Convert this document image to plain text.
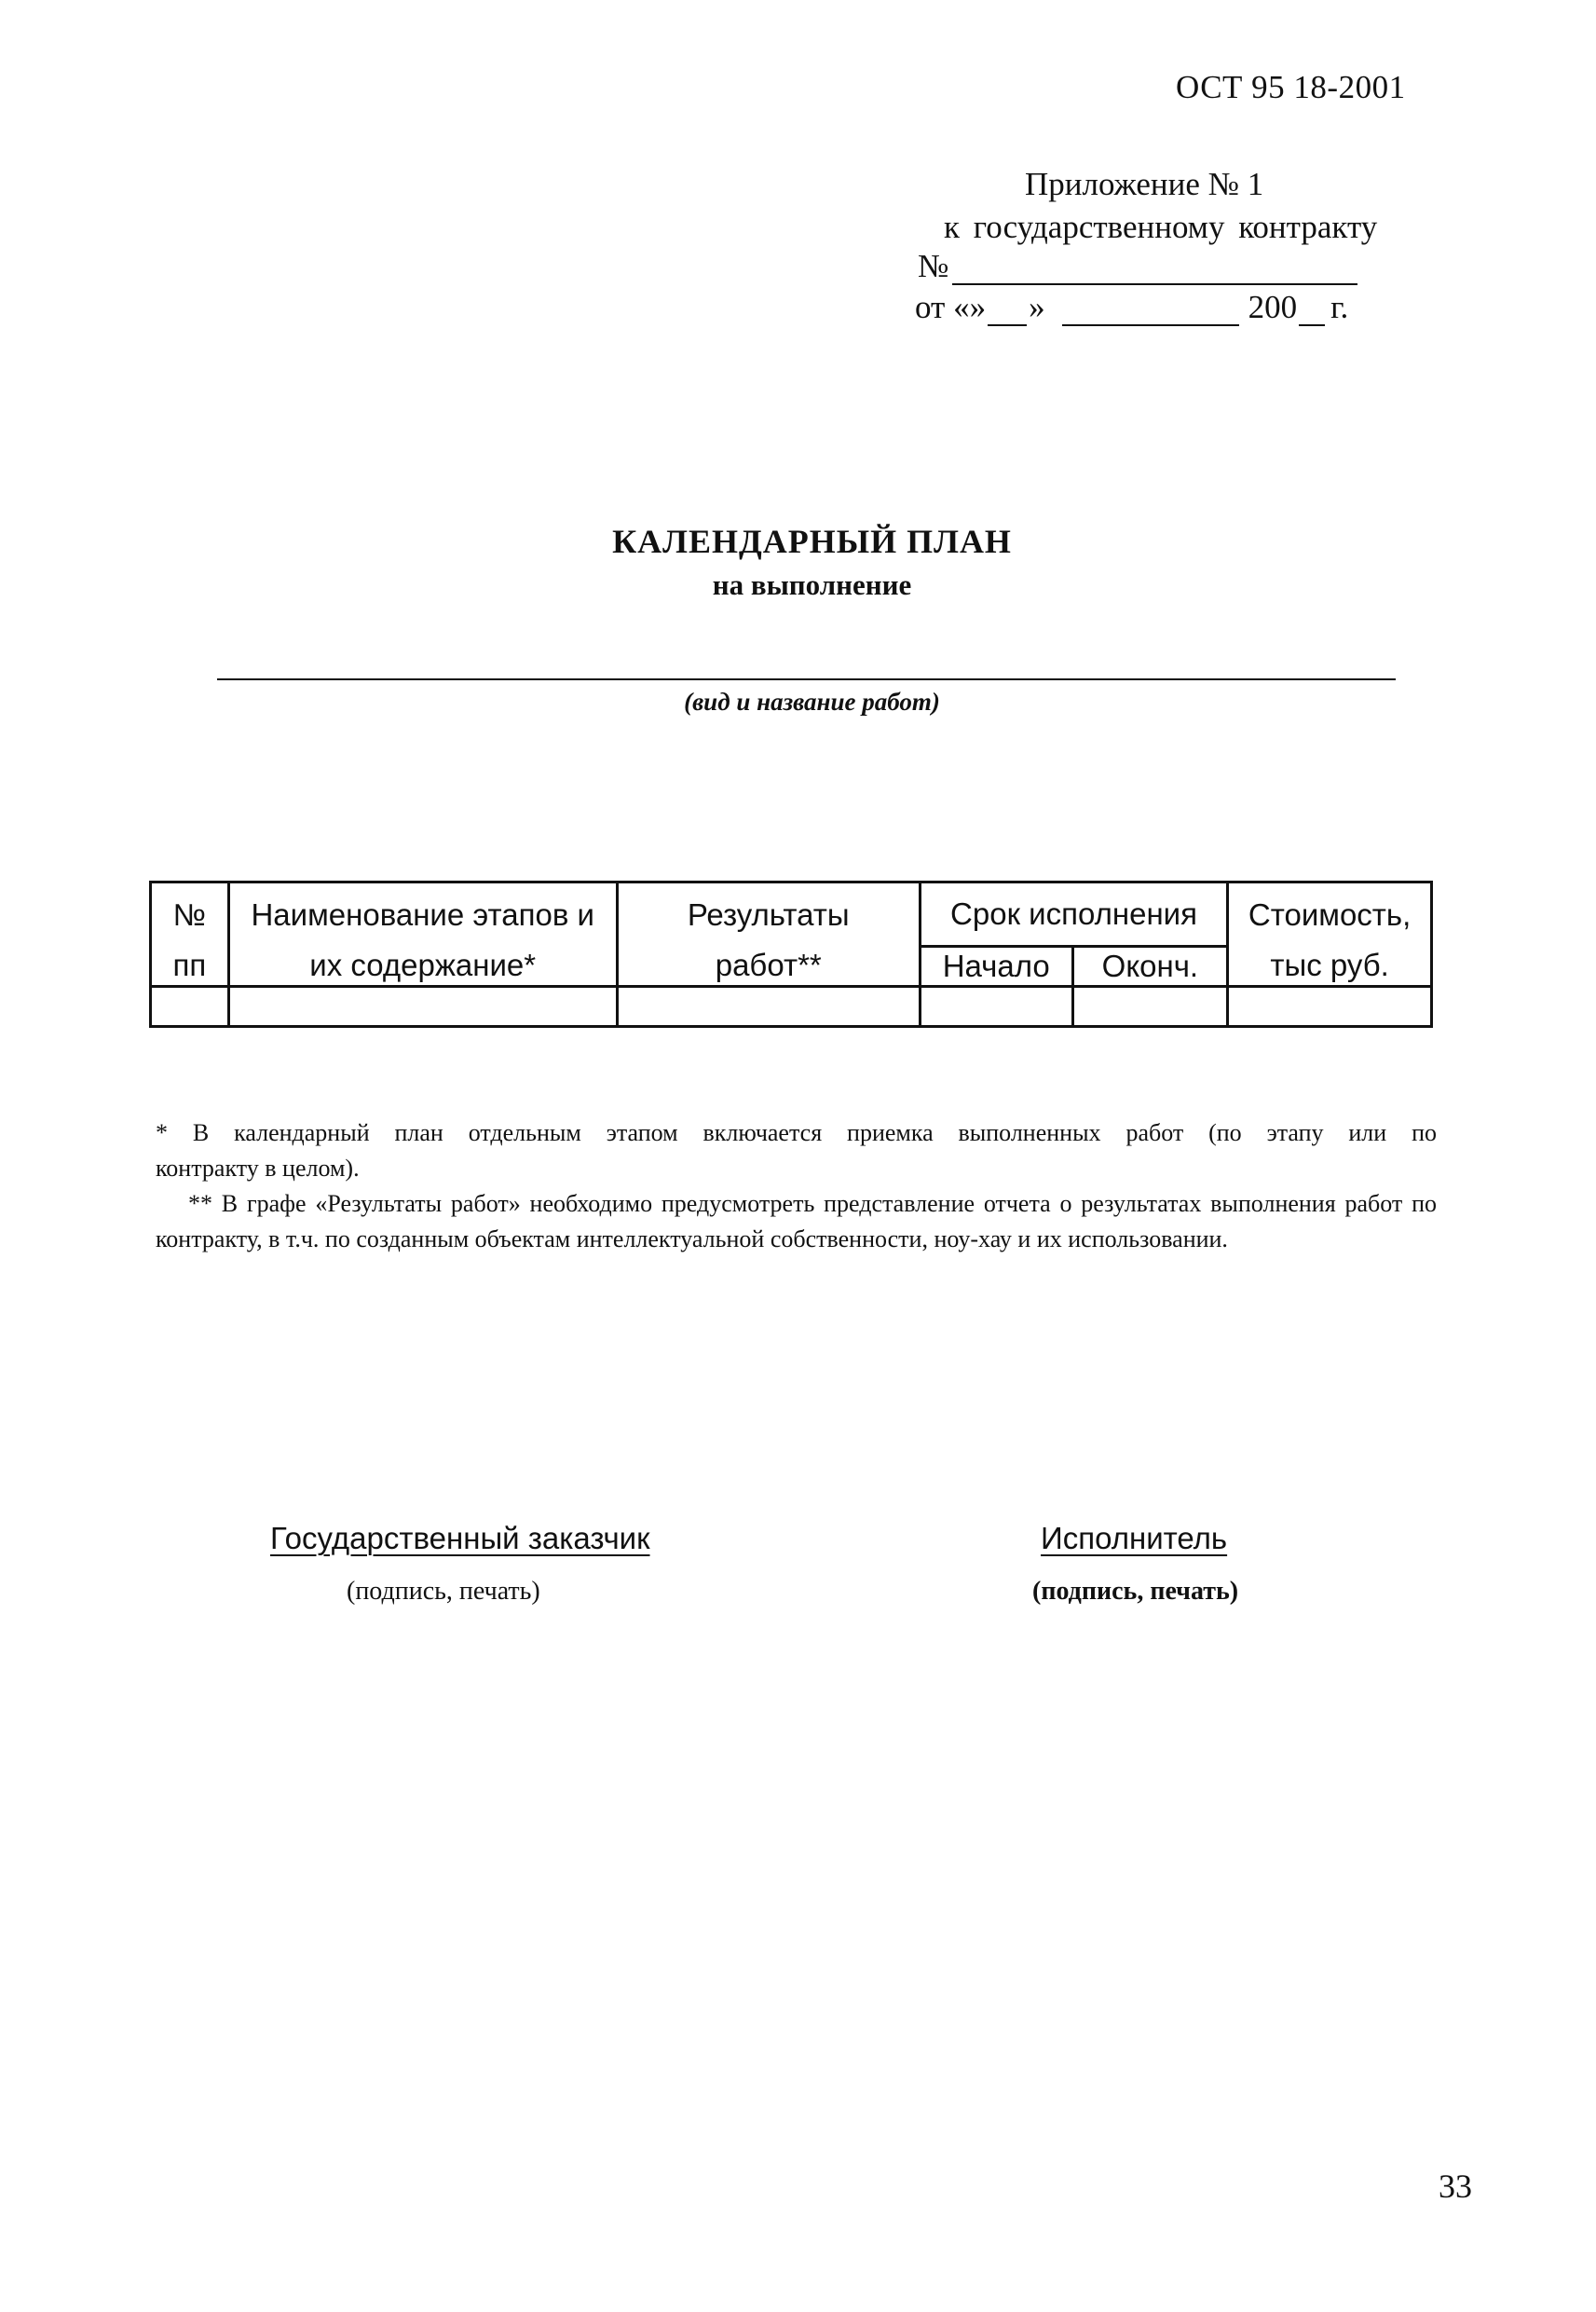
ОСТ 95 18-2001
Приложение № 1
к государственному контракту
№
от «» »	200 г.
КАЛЕНДАРНЫЙ ПЛАН
на выполнение
(вид и название работ)
№	Наименование этапов и	Результаты	Срок исполнения		Стоимость,
пп	их содержание*	работ**	Начало	Оконч.	тыс руб.

* В календарный план отдельным этапом включается приемка выполненных работ (по этапу или по
контракту в целом).
** В графе «Результаты работ» необходимо предусмотреть представление отчета о результатах выполнения работ по контракту, в т.ч. по созданным объектам интеллектуальной собственности, ноу-хау и их использовании.
Государственный заказчик
(подпись, печать)
Исполнитель
(подпись, печать)
33
